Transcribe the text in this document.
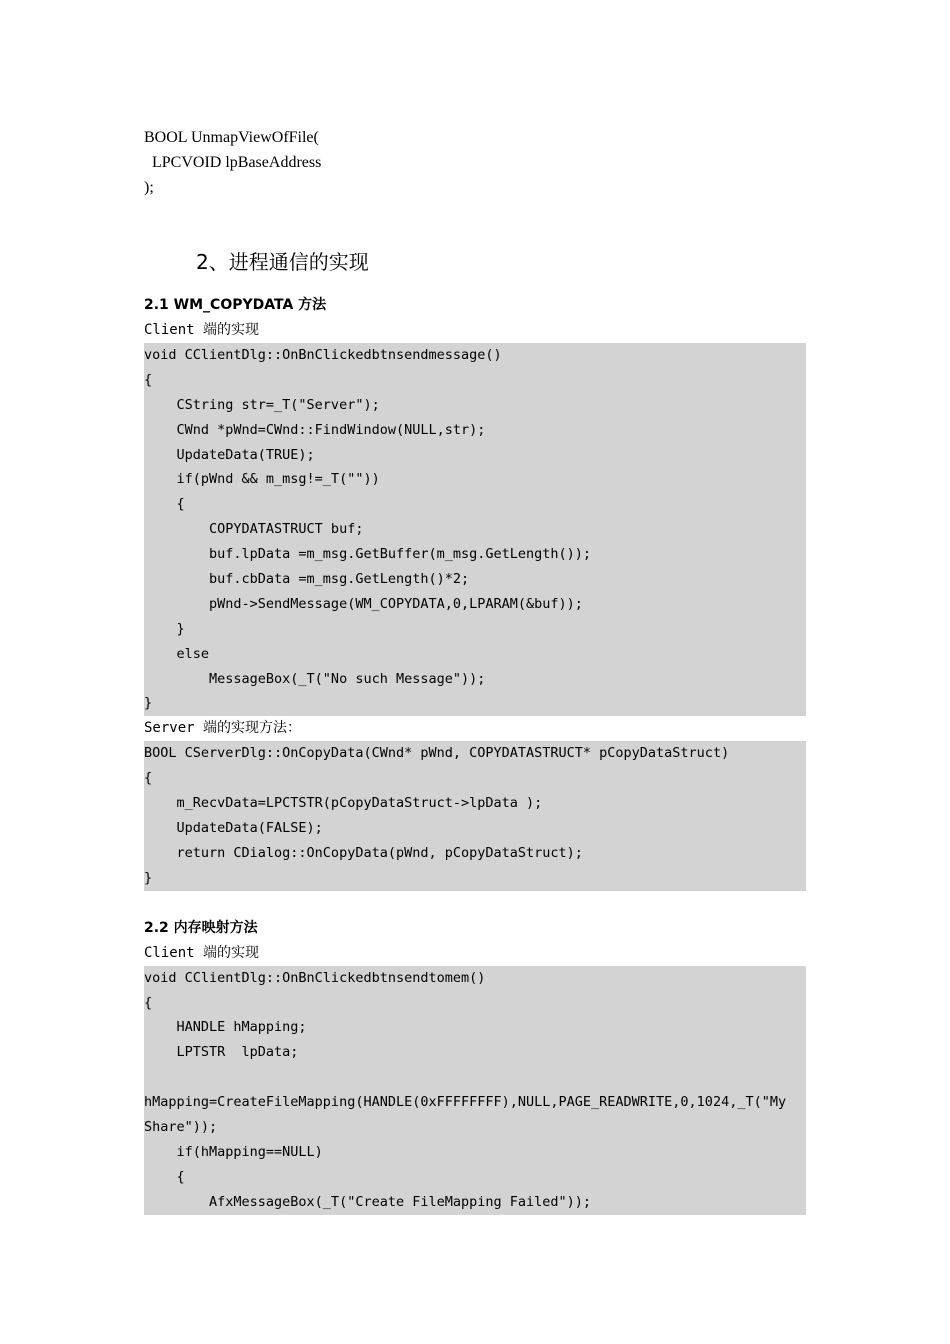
BOOL UnmapViewOfFile(
LPCVOID lpBaseAddress
);
2、进程通信的实现
2.1 WM_COPYDATA 方法
Client 端的实现
void CClientDlg::OnBnClickedbtnsendmessage()
{
CString str=_T("Server");
CWnd *pWnd=CWnd::FindWindow(NULL,str);
UpdateData(TRUE);
if(pWnd && m_msg!=_T(""))
{
COPYDATASTRUCT buf;
buf.lpData =m_msg.GetBuffer(m_msg.GetLength());
buf.cbData =m_msg.GetLength()*2;
pWnd->SendMessage(WM_COPYDATA,0,LPARAM(&buf));
}
else
MessageBox(_T("No such Message"));
}
Server 端的实现方法：
BOOL CServerDlg::OnCopyData(CWnd* pWnd, COPYDATASTRUCT* pCopyDataStruct)
{
m_RecvData=LPCTSTR(pCopyDataStruct->lpData );
UpdateData(FALSE);
return CDialog::OnCopyData(pWnd, pCopyDataStruct);
}
2.2 内存映射方法
Client 端的实现
void CClientDlg::OnBnClickedbtnsendtomem()
{
HANDLE hMapping;
LPTSTR  lpData;
hMapping=CreateFileMapping(HANDLE(0xFFFFFFFF),NULL,PAGE_READWRITE,0,1024,_T("My
Share"));
if(hMapping==NULL)
{
AfxMessageBox(_T("Create FileMapping Failed"));
